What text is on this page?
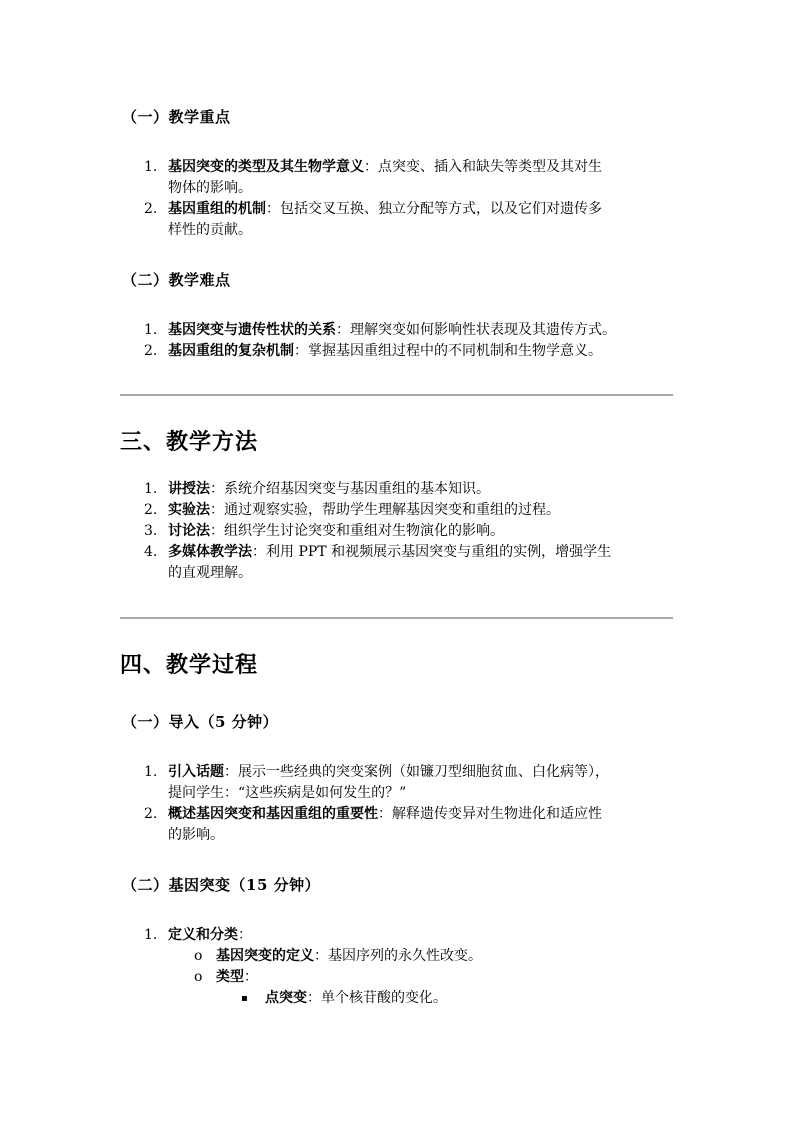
（一）教学重点
1. 基因突变的类型及其生物学意义：点突变、插入和缺失等类型及其对生
物体的影响。
2. 基因重组的机制：包括交叉互换、独立分配等方式，以及它们对遗传多
样性的贡献。
（二）教学难点
1. 基因突变与遗传性状的关系：理解突变如何影响性状表现及其遗传方式。
2. 基因重组的复杂机制：掌握基因重组过程中的不同机制和生物学意义。
三、教学方法
1. 讲授法：系统介绍基因突变与基因重组的基本知识。
2. 实验法：通过观察实验，帮助学生理解基因突变和重组的过程。
3. 讨论法：组织学生讨论突变和重组对生物演化的影响。
4. 多媒体教学法：利用 PPT 和视频展示基因突变与重组的实例，增强学生
的直观理解。
四、教学过程
（一）导入（5 分钟）
1. 引入话题：展示一些经典的突变案例（如镰刀型细胞贫血、白化病等），
提问学生：“这些疾病是如何发生的？”
2. 概述基因突变和基因重组的重要性：解释遗传变异对生物进化和适应性
的影响。
（二）基因突变（15 分钟）
1. 定义和分类：
o 基因突变的定义：基因序列的永久性改变。
o 类型：
▪ 点突变：单个核苷酸的变化。
